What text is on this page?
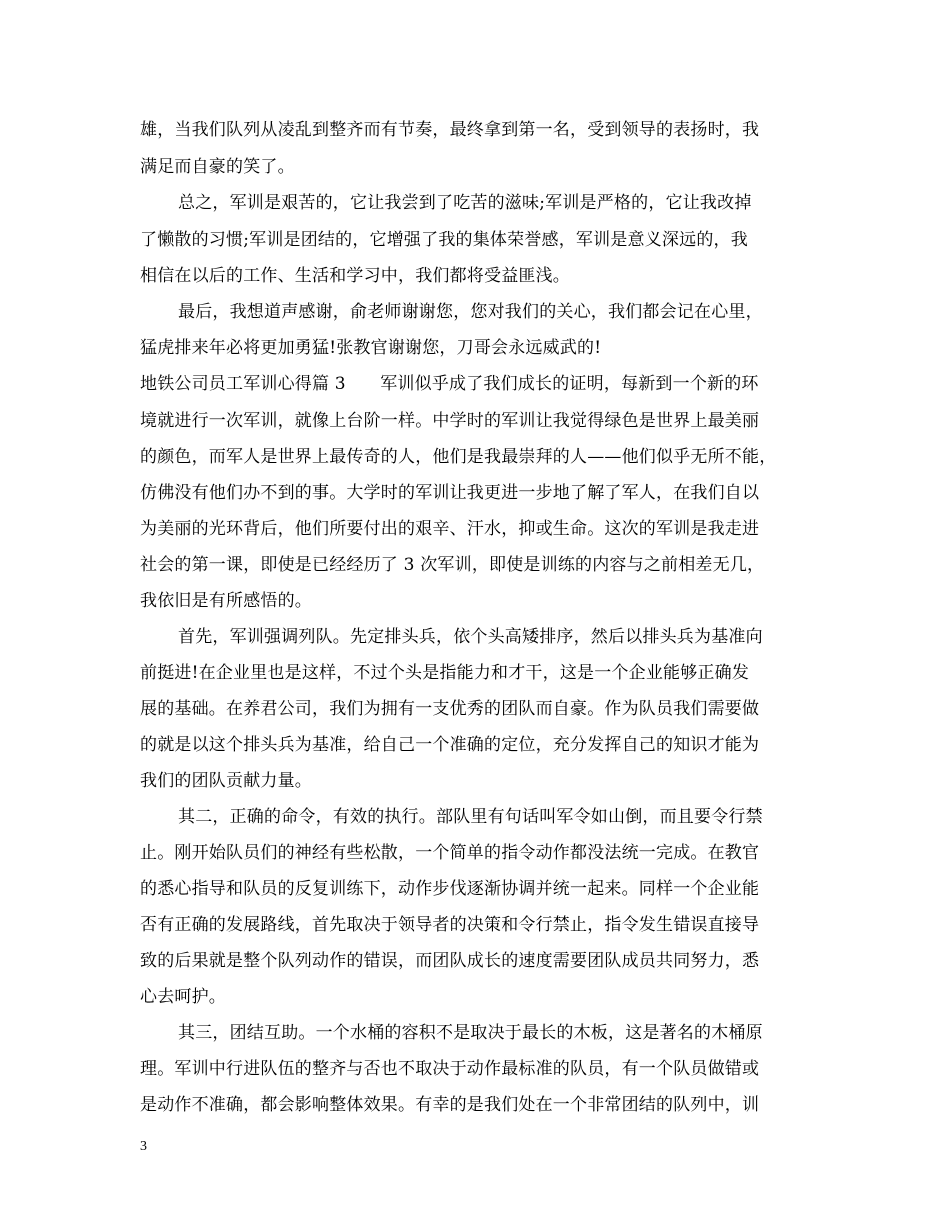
雄，当我们队列从凌乱到整齐而有节奏，最终拿到第一名，受到领导的表扬时，我
满足而自豪的笑了。
总之，军训是艰苦的，它让我尝到了吃苦的滋味;军训是严格的，它让我改掉
了懒散的习惯;军训是团结的，它增强了我的集体荣誉感，军训是意义深远的，我
相信在以后的工作、生活和学习中，我们都将受益匪浅。
最后，我想道声感谢，俞老师谢谢您，您对我们的关心，我们都会记在心里，
猛虎排来年必将更加勇猛!张教官谢谢您，刀哥会永远威武的!
地铁公司员工军训心得篇 3　　军训似乎成了我们成长的证明，每新到一个新的环
境就进行一次军训，就像上台阶一样。中学时的军训让我觉得绿色是世界上最美丽
的颜色，而军人是世界上最传奇的人，他们是我最崇拜的人——他们似乎无所不能，
仿佛没有他们办不到的事。大学时的军训让我更进一步地了解了军人，在我们自以
为美丽的光环背后，他们所要付出的艰辛、汗水，抑或生命。这次的军训是我走进
社会的第一课，即使是已经经历了 3 次军训，即使是训练的内容与之前相差无几，
我依旧是有所感悟的。
首先，军训强调列队。先定排头兵，依个头高矮排序，然后以排头兵为基准向
前挺进!在企业里也是这样，不过个头是指能力和才干，这是一个企业能够正确发
展的基础。在养君公司，我们为拥有一支优秀的团队而自豪。作为队员我们需要做
的就是以这个排头兵为基准，给自己一个准确的定位，充分发挥自己的知识才能为
我们的团队贡献力量。
其二，正确的命令，有效的执行。部队里有句话叫军令如山倒，而且要令行禁
止。刚开始队员们的神经有些松散，一个简单的指令动作都没法统一完成。在教官
的悉心指导和队员的反复训练下，动作步伐逐渐协调并统一起来。同样一个企业能
否有正确的发展路线，首先取决于领导者的决策和令行禁止，指令发生错误直接导
致的后果就是整个队列动作的错误，而团队成长的速度需要团队成员共同努力，悉
心去呵护。
其三，团结互助。一个水桶的容积不是取决于最长的木板，这是著名的木桶原
理。军训中行进队伍的整齐与否也不取决于动作最标准的队员，有一个队员做错或
是动作不准确，都会影响整体效果。有幸的是我们处在一个非常团结的队列中，训
3
